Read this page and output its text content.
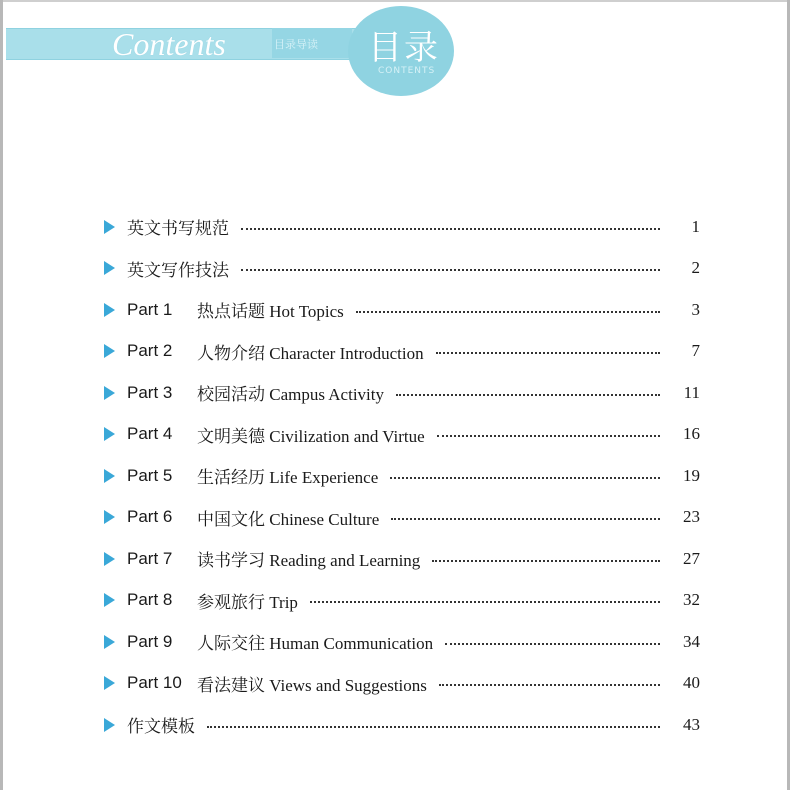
Contents	目录导读 目录
CONTENTS
英文书写规范	1
英文写作技法	2
Part 1	热点话题 Hot Topics	3
Part 2	人物介绍 Character Introduction	7
Part 3	校园活动 Campus Activity	11
Part 4	文明美德 Civilization and Virtue	16
Part 5	生活经历 Life Experience	19
Part 6	中国文化 Chinese Culture	23
Part 7	读书学习 Reading and Learning	27
Part 8	参观旅行 Trip	32
Part 9	人际交往 Human Communication	34
Part 10 看法建议 Views and Suggestions	40
作文模板	43
